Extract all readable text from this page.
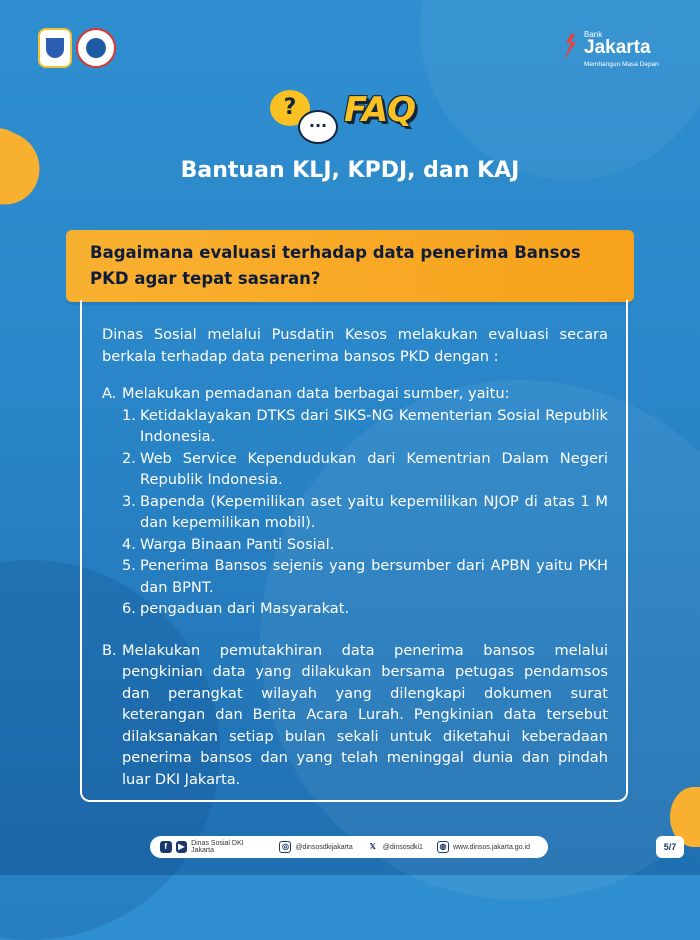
Bank
Jakarta
Membangun Masa Depan
?
... FAQ
Bantuan KLJ, KPDJ, dan KAJ
Bagaimana evaluasi terhadap data penerima Bansos PKD agar tepat sasaran?

Dinas Sosial melalui Pusdatin Kesos melakukan evaluasi secara berkala terhadap data penerima bansos PKD dengan :

A. Melakukan pemadanan data berbagai sumber, yaitu:
1. Ketidaklayakan DTKS dari SIKS-NG Kementerian Sosial Republik Indonesia.
2. Web Service Kependudukan dari Kementrian Dalam Negeri Republik Indonesia.
3. Bapenda (Kepemilikan aset yaitu kepemilikan NJOP di atas 1 M dan kepemilikan mobil).
4. Warga Binaan Panti Sosial.
5. Penerima Bansos sejenis yang bersumber dari APBN yaitu PKH dan BPNT.
6. pengaduan dari Masyarakat.
B. Melakukan pemutakhiran data penerima bansos melalui pengkinian data yang dilakukan bersama petugas pendamsos dan perangkat wilayah yang dilengkapi dokumen surat keterangan dan Berita Acara Lurah. Pengkinian data tersebut dilaksanakan setiap bulan sekali untuk diketahui keberadaan penerima bansos dan yang telah meninggal dunia dan pindah luar DKI Jakarta.
f	▶ Dinas Sosial DKI Jakarta	◎ @dinsosdkijakarta	𝕏 @dinsosdki1	◍ www.dinsos.jakarta.go.id	5/7
